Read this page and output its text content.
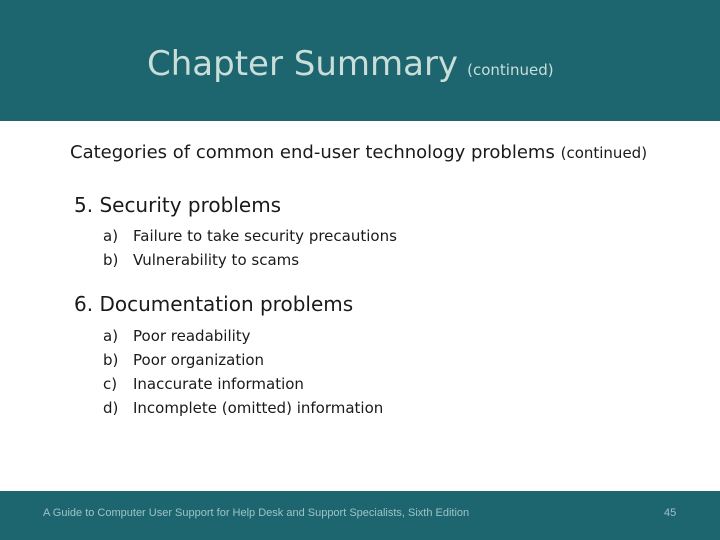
Chapter Summary (continued)
Categories of common end-user technology problems (continued)
5. Security problems
a) Failure to take security precautions
b) Vulnerability to scams
6. Documentation problems
a) Poor readability
b) Poor organization
c)	Inaccurate information
d) Incomplete (omitted) information
A Guide to Computer User Support for Help Desk and Support Specialists, Sixth Edition	45
